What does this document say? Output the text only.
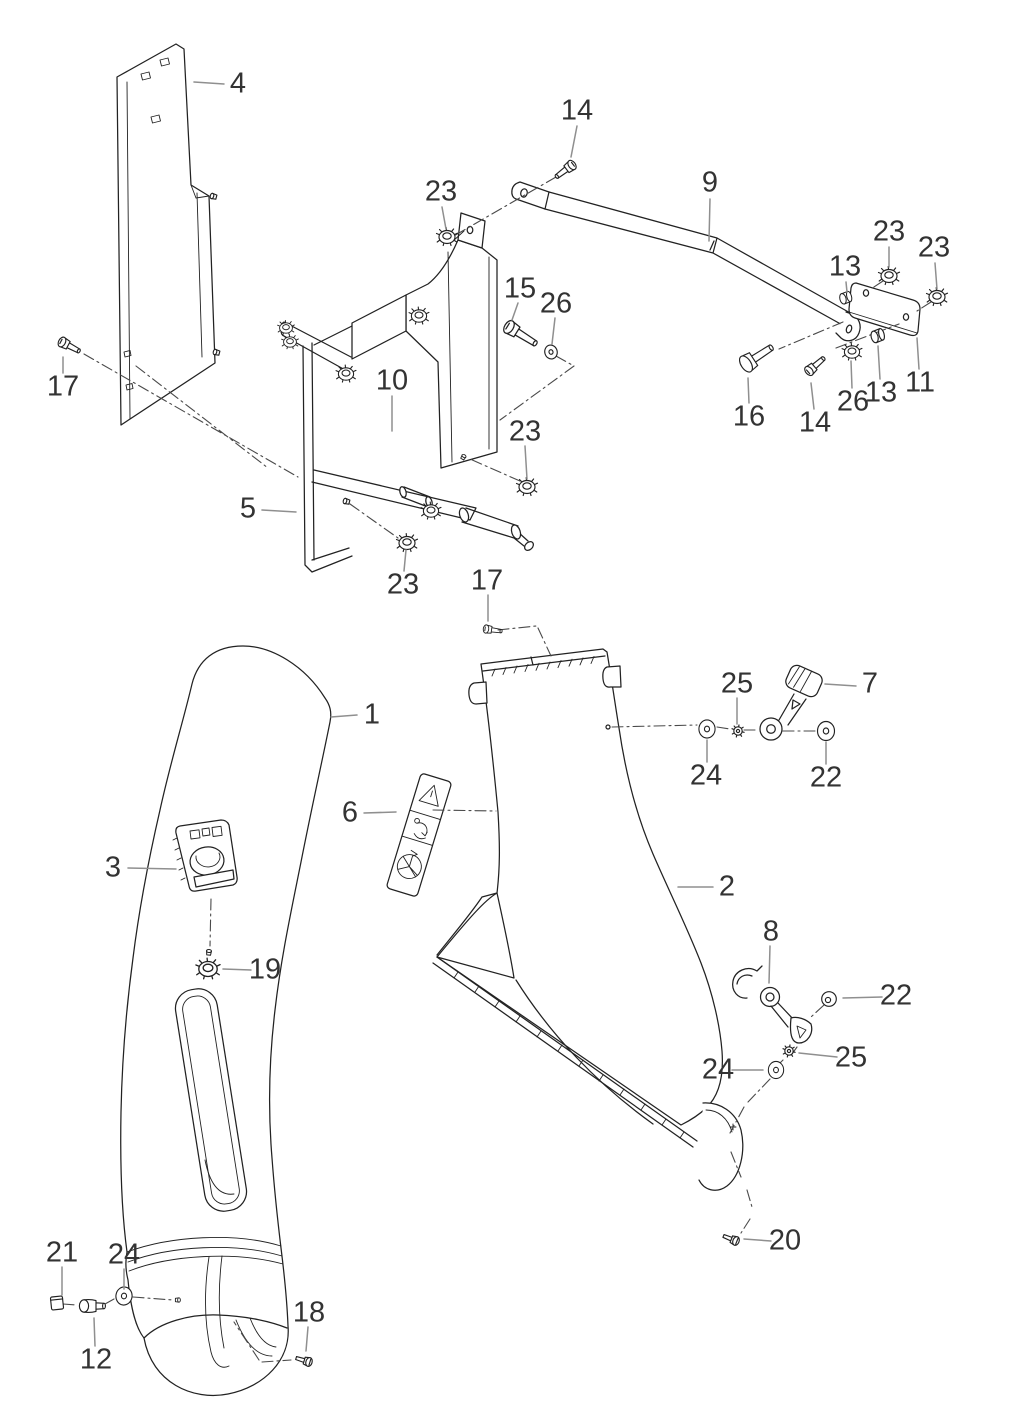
4
14
9
23
23 23
13
15 26
10
16 14
26
13 11
23
5
23 17
17
1
25	7
24	22
3
6
2
19
8
22
25
24
20
21 24
12
18
